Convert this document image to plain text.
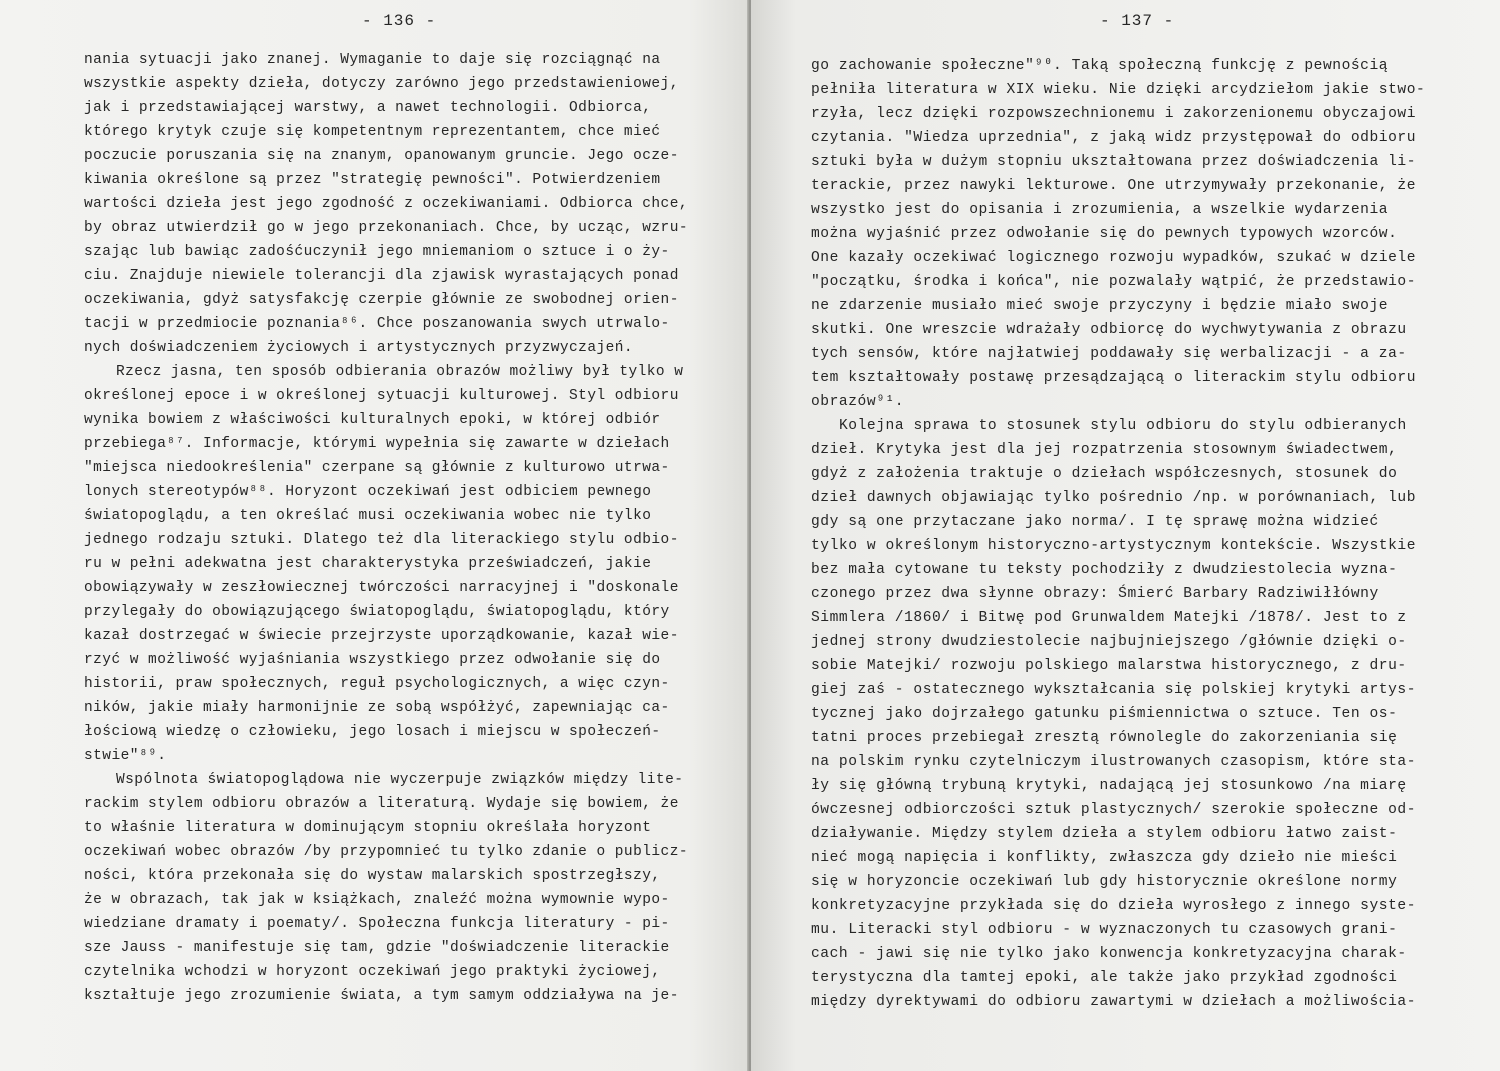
- 136 -
nania sytuacji jako znanej. Wymaganie to daje się rozciągnąć na
wszystkie aspekty dzieła, dotyczy zarówno jego przedstawieniowej,
jak i przedstawiającej warstwy, a nawet technologii. Odbiorca,
którego krytyk czuje się kompetentnym reprezentantem, chce mieć
poczucie poruszania się na znanym, opanowanym gruncie. Jego ocze-
kiwania określone są przez "strategię pewności". Potwierdzeniem
wartości dzieła jest jego zgodność z oczekiwaniami. Odbiorca chce,
by obraz utwierdził go w jego przekonaniach. Chce, by ucząc, wzru-
szając lub bawiąc zadośćuczynił jego mniemaniom o sztuce i o ży-
ciu. Znajduje niewiele tolerancji dla zjawisk wyrastających ponad
oczekiwania, gdyż satysfakcję czerpie głównie ze swobodnej orien-
tacji w przedmiocie poznania⁸⁶. Chce poszanowania swych utrwalo-
nych doświadczeniem życiowych i artystycznych przyzwyczajeń.
Rzecz jasna, ten sposób odbierania obrazów możliwy był tylko w
określonej epoce i w określonej sytuacji kulturowej. Styl odbioru
wynika bowiem z właściwości kulturalnych epoki, w której odbiór
przebiega⁸⁷. Informacje, którymi wypełnia się zawarte w dziełach
"miejsca niedookreślenia" czerpane są głównie z kulturowo utrwa-
lonych stereotypów⁸⁸. Horyzont oczekiwań jest odbiciem pewnego
światopoglądu, a ten określać musi oczekiwania wobec nie tylko
jednego rodzaju sztuki. Dlatego też dla literackiego stylu odbio-
ru w pełni adekwatna jest charakterystyka przeświadczeń, jakie
obowiązywały w zeszłowiecznej twórczości narracyjnej i "doskonale
przylegały do obowiązującego światopoglądu, światopoglądu, który
kazał dostrzegać w świecie przejrzyste uporządkowanie, kazał wie-
rzyć w możliwość wyjaśniania wszystkiego przez odwołanie się do
historii, praw społecznych, reguł psychologicznych, a więc czyn-
ników, jakie miały harmonijnie ze sobą współżyć, zapewniając ca-
łościową wiedzę o człowieku, jego losach i miejscu w społeczeń-
stwie"⁸⁹.
Wspólnota światopoglądowa nie wyczerpuje związków między lite-
rackim stylem odbioru obrazów a literaturą. Wydaje się bowiem, że
to właśnie literatura w dominującym stopniu określała horyzont
oczekiwań wobec obrazów /by przypomnieć tu tylko zdanie o publicz-
ności, która przekonała się do wystaw malarskich spostrzegłszy,
że w obrazach, tak jak w książkach, znaleźć można wymownie wypo-
wiedziane dramaty i poematy/. Społeczna funkcja literatury - pi-
sze Jauss - manifestuje się tam, gdzie "doświadczenie literackie
czytelnika wchodzi w horyzont oczekiwań jego praktyki życiowej,
kształtuje jego zrozumienie świata, a tym samym oddziaływa na je-
- 137 -
go zachowanie społeczne"⁹⁰. Taką społeczną funkcję z pewnością
pełniła literatura w XIX wieku. Nie dzięki arcydziełom jakie stwo-
rzyła, lecz dzięki rozpowszechnionemu i zakorzenionemu obyczajowi
czytania. "Wiedza uprzednia", z jaką widz przystępował do odbioru
sztuki była w dużym stopniu ukształtowana przez doświadczenia li-
terackie, przez nawyki lekturowe. One utrzymywały przekonanie, że
wszystko jest do opisania i zrozumienia, a wszelkie wydarzenia
można wyjaśnić przez odwołanie się do pewnych typowych wzorców.
One kazały oczekiwać logicznego rozwoju wypadków, szukać w dziele
"początku, środka i końca", nie pozwalały wątpić, że przedstawio-
ne zdarzenie musiało mieć swoje przyczyny i będzie miało swoje
skutki. One wreszcie wdrażały odbiorcę do wychwytywania z obrazu
tych sensów, które najłatwiej poddawały się werbalizacji - a za-
tem kształtowały postawę przesądzającą o literackim stylu odbioru
obrazów⁹¹.
Kolejna sprawa to stosunek stylu odbioru do stylu odbieranych
dzieł. Krytyka jest dla jej rozpatrzenia stosownym świadectwem,
gdyż z założenia traktuje o dziełach współczesnych, stosunek do
dzieł dawnych objawiając tylko pośrednio /np. w porównaniach, lub
gdy są one przytaczane jako norma/. I tę sprawę można widzieć
tylko w określonym historyczno-artystycznym kontekście. Wszystkie
bez mała cytowane tu teksty pochodziły z dwudziestolecia wyzna-
czonego przez dwa słynne obrazy: Śmierć Barbary Radziwiłłówny
Simmlera /1860/ i Bitwę pod Grunwaldem Matejki /1878/. Jest to z
jednej strony dwudziestolecie najbujniejszego /głównie dzięki o-
sobie Matejki/ rozwoju polskiego malarstwa historycznego, z dru-
giej zaś - ostatecznego wykształcania się polskiej krytyki artys-
tycznej jako dojrzałego gatunku piśmiennictwa o sztuce. Ten os-
tatni proces przebiegał zresztą równolegle do zakorzeniania się
na polskim rynku czytelniczym ilustrowanych czasopism, które sta-
ły się główną trybuną krytyki, nadającą jej stosunkowo /na miarę
ówczesnej odbiorczości sztuk plastycznych/ szerokie społeczne od-
działywanie. Między stylem dzieła a stylem odbioru łatwo zaist-
nieć mogą napięcia i konflikty, zwłaszcza gdy dzieło nie mieści
się w horyzoncie oczekiwań lub gdy historycznie określone normy
konkretyzacyjne przykłada się do dzieła wyrosłego z innego syste-
mu. Literacki styl odbioru - w wyznaczonych tu czasowych grani-
cach - jawi się nie tylko jako konwencja konkretyzacyjna charak-
terystyczna dla tamtej epoki, ale także jako przykład zgodności
między dyrektywami do odbioru zawartymi w dziełach a możliwościa-
